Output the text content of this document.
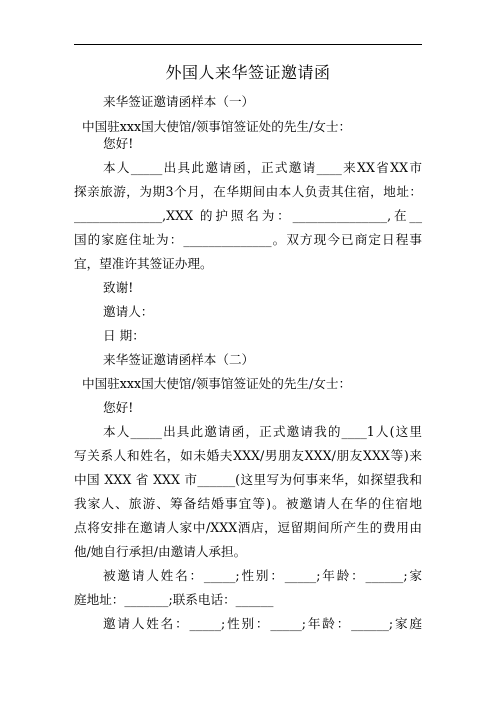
外国人来华签证邀请函
来华签证邀请函样本（一）
中国驻xxx国大使馆/领事馆签证处的先生/女士：
您好!
本人_____出具此邀请函，正式邀请____来XX省XX市
探亲旅游，为期3个月，在华期间由本人负责其住宿，地址：
______________,XXX 的护照名为：_______________,在__
国的家庭住址为：______________。双方现今已商定日程事
宜，望准许其签证办理。
致谢!
邀请人：
日 期：
来华签证邀请函样本（二）
中国驻xxx国大使馆/领事馆签证处的先生/女士：
您好!
本人_____出具此邀请函，正式邀请我的____1人(这里
写关系人和姓名，如未婚夫XXX/男朋友XXX/朋友XXX等)来
中国 XXX 省 XXX 市______(这里写为何事来华，如探望我和
我家人、旅游、筹备结婚事宜等)。被邀请人在华的住宿地
点将安排在邀请人家中/XXX酒店，逗留期间所产生的费用由
他/她自行承担/由邀请人承担。
被邀请人姓名：_____;性别：_____;年龄：______;家
庭地址：_______;联系电话：______
邀请人姓名：_____;性别：_____;年龄：______;家庭
